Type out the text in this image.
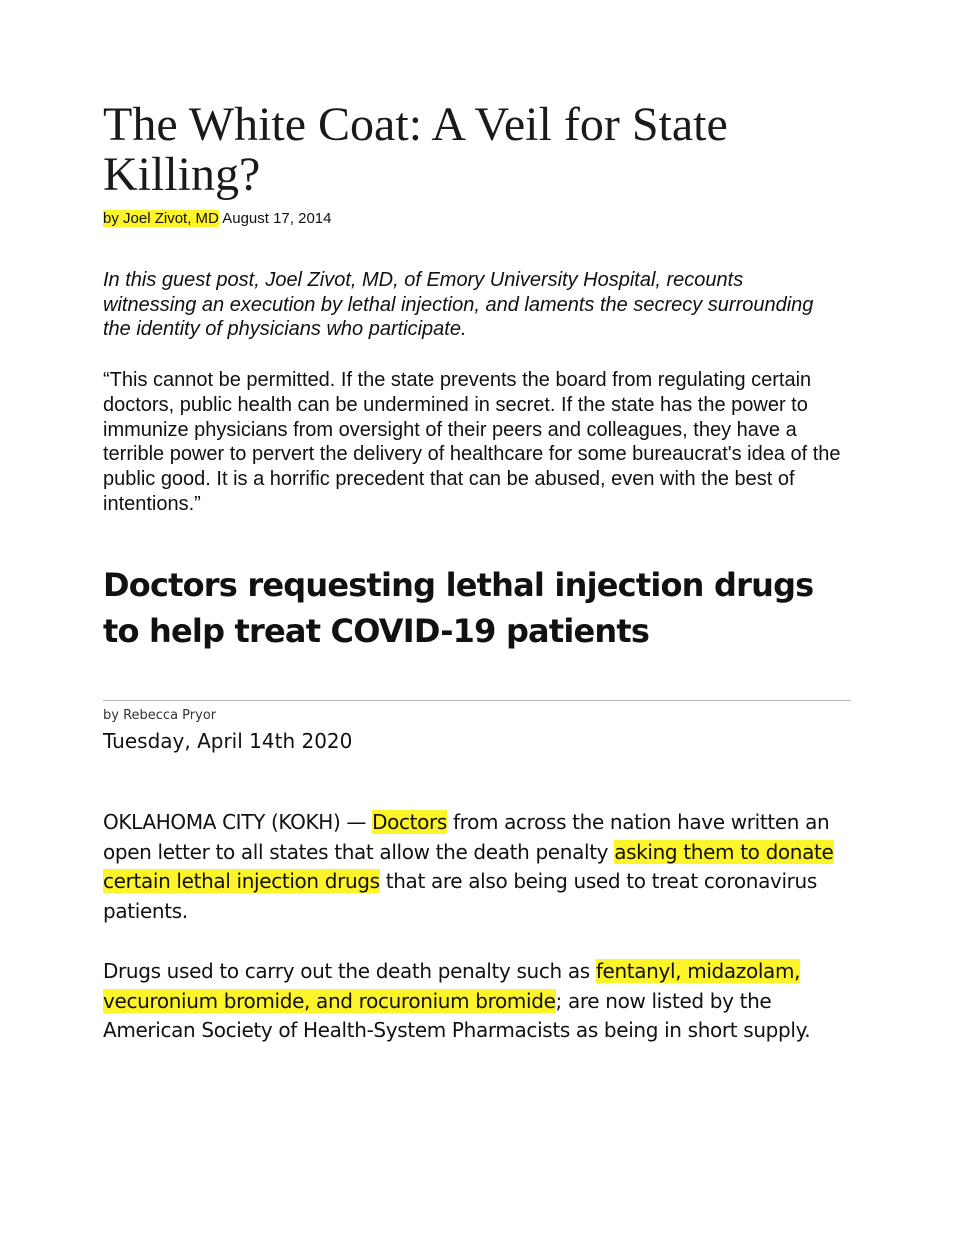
The White Coat: A Veil for State Killing?
by Joel Zivot, MD August 17, 2014

In this guest post, Joel Zivot, MD, of Emory University Hospital, recounts witnessing an execution by lethal injection, and laments the secrecy surrounding the identity of physicians who participate.

“This cannot be permitted. If the state prevents the board from regulating certain doctors, public health can be undermined in secret. If the state has the power to immunize physicians from oversight of their peers and colleagues, they have a terrible power to pervert the delivery of healthcare for some bureaucrat's idea of the public good. It is a horrific precedent that can be abused, even with the best of intentions.”

Doctors requesting lethal injection drugs to help treat COVID-19 patients
by Rebecca Pryor
Tuesday, April 14th 2020

OKLAHOMA CITY (KOKH) — Doctors from across the nation have written an open letter to all states that allow the death penalty asking them to donate certain lethal injection drugs that are also being used to treat coronavirus patients.

Drugs used to carry out the death penalty such as fentanyl, midazolam, vecuronium bromide, and rocuronium bromide; are now listed by the American Society of Health-System Pharmacists as being in short supply.
